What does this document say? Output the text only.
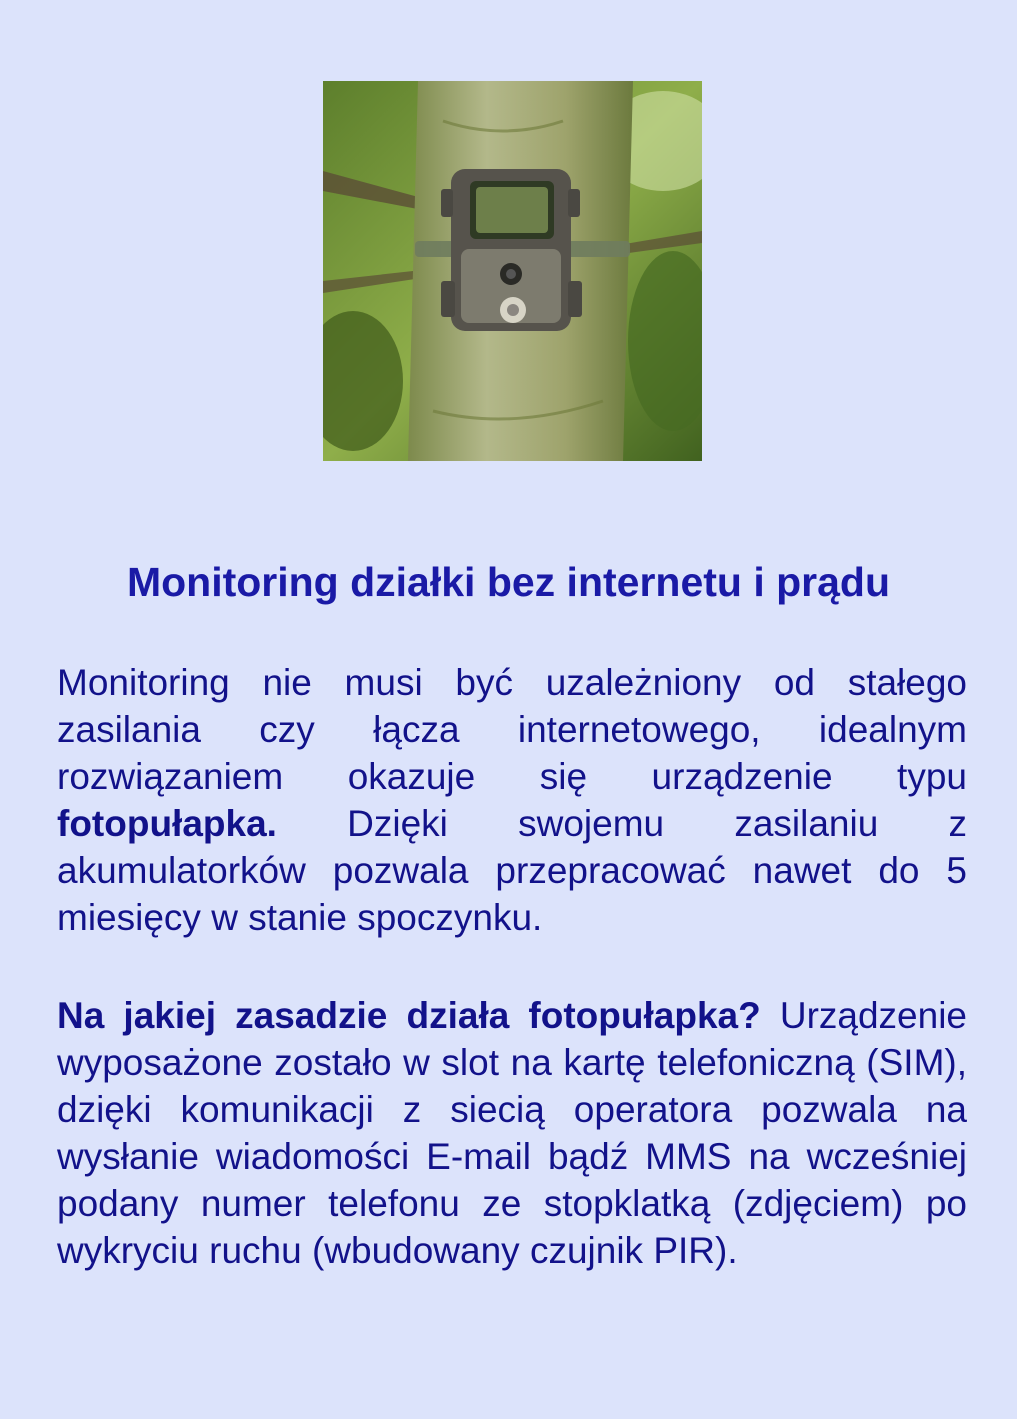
Monitoring działki bez internetu i prądu

Monitoring nie musi być uzależniony od stałego zasilania czy łącza internetowego, idealnym rozwiązaniem okazuje się urządzenie typu fotopułapka. Dzięki swojemu zasilaniu z akumulatorków pozwala przepracować nawet do 5 miesięcy w stanie spoczynku.

Na jakiej zasadzie działa fotopułapka? Urządzenie wyposażone zostało w slot na kartę telefoniczną (SIM), dzięki komunikacji z siecią operatora pozwala na wysłanie wiadomości E-mail bądź MMS na wcześniej podany numer telefonu ze stopklatką (zdjęciem) po wykryciu ruchu (wbudowany czujnik PIR).
